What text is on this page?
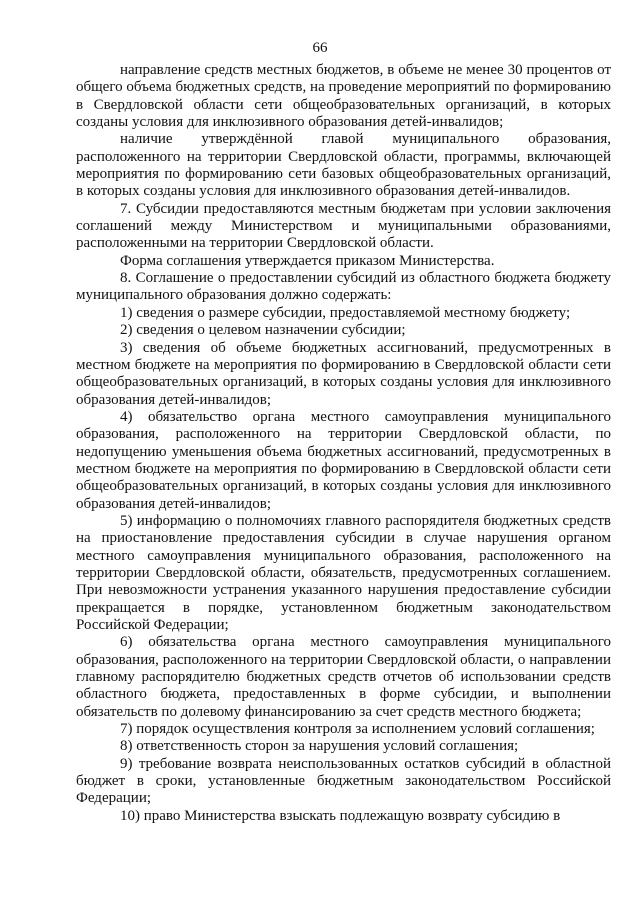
66

направление средств местных бюджетов, в объеме не менее 30 процентов от общего объема бюджетных средств, на проведение мероприятий по формированию в Свердловской области сети общеобразовательных организаций, в которых созданы условия для инклюзивного образования детей-инвалидов;

наличие утверждённой главой муниципального образования, расположенного на территории Свердловской области, программы, включающей мероприятия по формированию сети базовых общеобразовательных организаций, в которых созданы условия для инклюзивного образования детей-инвалидов.

7. Субсидии предоставляются местным бюджетам при условии заключения соглашений между Министерством и муниципальными образованиями, расположенными на территории Свердловской области.

Форма соглашения утверждается приказом Министерства.

8. Соглашение о предоставлении субсидий из областного бюджета бюджету муниципального образования должно содержать:

1) сведения о размере субсидии, предоставляемой местному бюджету;

2) сведения о целевом назначении субсидии;

3) сведения об объеме бюджетных ассигнований, предусмотренных в местном бюджете на мероприятия по формированию в Свердловской области сети общеобразовательных организаций, в которых созданы условия для инклюзивного образования детей-инвалидов;

4) обязательство органа местного самоуправления муниципального образования, расположенного на территории Свердловской области, по недопущению уменьшения объема бюджетных ассигнований, предусмотренных в местном бюджете на мероприятия по формированию в Свердловской области сети общеобразовательных организаций, в которых созданы условия для инклюзивного образования детей-инвалидов;

5) информацию о полномочиях главного распорядителя бюджетных средств на приостановление предоставления субсидии в случае нарушения органом местного самоуправления муниципального образования, расположенного на территории Свердловской области, обязательств, предусмотренных соглашением. При невозможности устранения указанного нарушения предоставление субсидии прекращается в порядке, установленном бюджетным законодательством Российской Федерации;

6) обязательства органа местного самоуправления муниципального образования, расположенного на территории Свердловской области, о направлении главному распорядителю бюджетных средств отчетов об использовании средств областного бюджета, предоставленных в форме субсидии, и выполнении обязательств по долевому финансированию за счет средств местного бюджета;

7) порядок осуществления контроля за исполнением условий соглашения;

8) ответственность сторон за нарушения условий соглашения;

9) требование возврата неиспользованных остатков субсидий в областной бюджет в сроки, установленные бюджетным законодательством Российской Федерации;

10) право Министерства взыскать подлежащую возврату субсидию в
